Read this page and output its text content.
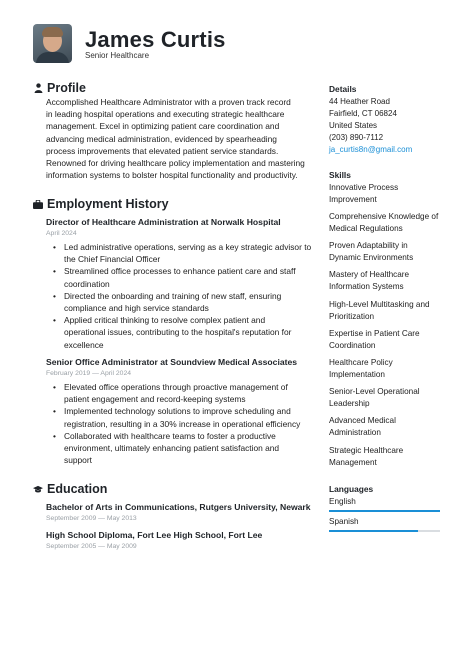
James Curtis
Senior Healthcare
Profile
Accomplished Healthcare Administrator with a proven track record
in leading hospital operations and executing strategic healthcare
management. Excel in optimizing patient care coordination and
advancing medical administration, evidenced by spearheading
process improvements that elevated patient service standards.
Renowned for driving healthcare policy implementation and mastering
information systems to bolster hospital functionality and productivity.
Employment History
Director of Healthcare Administration at Norwalk Hospital
April 2024
• Led administrative operations, serving as a key strategic advisor to
the Chief Financial Officer
• Streamlined office processes to enhance patient care and staff
coordination
• Directed the onboarding and training of new staff, ensuring
compliance and high service standards
• Applied critical thinking to resolve complex patient and
operational issues, contributing to the hospital's reputation for
excellence
Senior Office Administrator at Soundview Medical Associates
February 2019 — April 2024
• Elevated office operations through proactive management of
patient engagement and record-keeping systems
• Implemented technology solutions to improve scheduling and
registration, resulting in a 30% increase in operational efficiency
• Collaborated with healthcare teams to foster a productive
environment, ultimately enhancing patient satisfaction and
support
Education
Bachelor of Arts in Communications, Rutgers University, Newark
September 2009 — May 2013
High School Diploma, Fort Lee High School, Fort Lee
September 2005 — May 2009
Details
44 Heather Road
Fairfield, CT 06824
United States
(203) 890-7112
ja_curtis8n@gmail.com
Skills
Innovative Process
Improvement
Comprehensive Knowledge of
Medical Regulations
Proven Adaptability in
Dynamic Environments
Mastery of Healthcare
Information Systems
High-Level Multitasking and
Prioritization
Expertise in Patient Care
Coordination
Healthcare Policy
Implementation
Senior-Level Operational
Leadership
Advanced Medical
Administration
Strategic Healthcare
Management
Languages
English
Spanish
